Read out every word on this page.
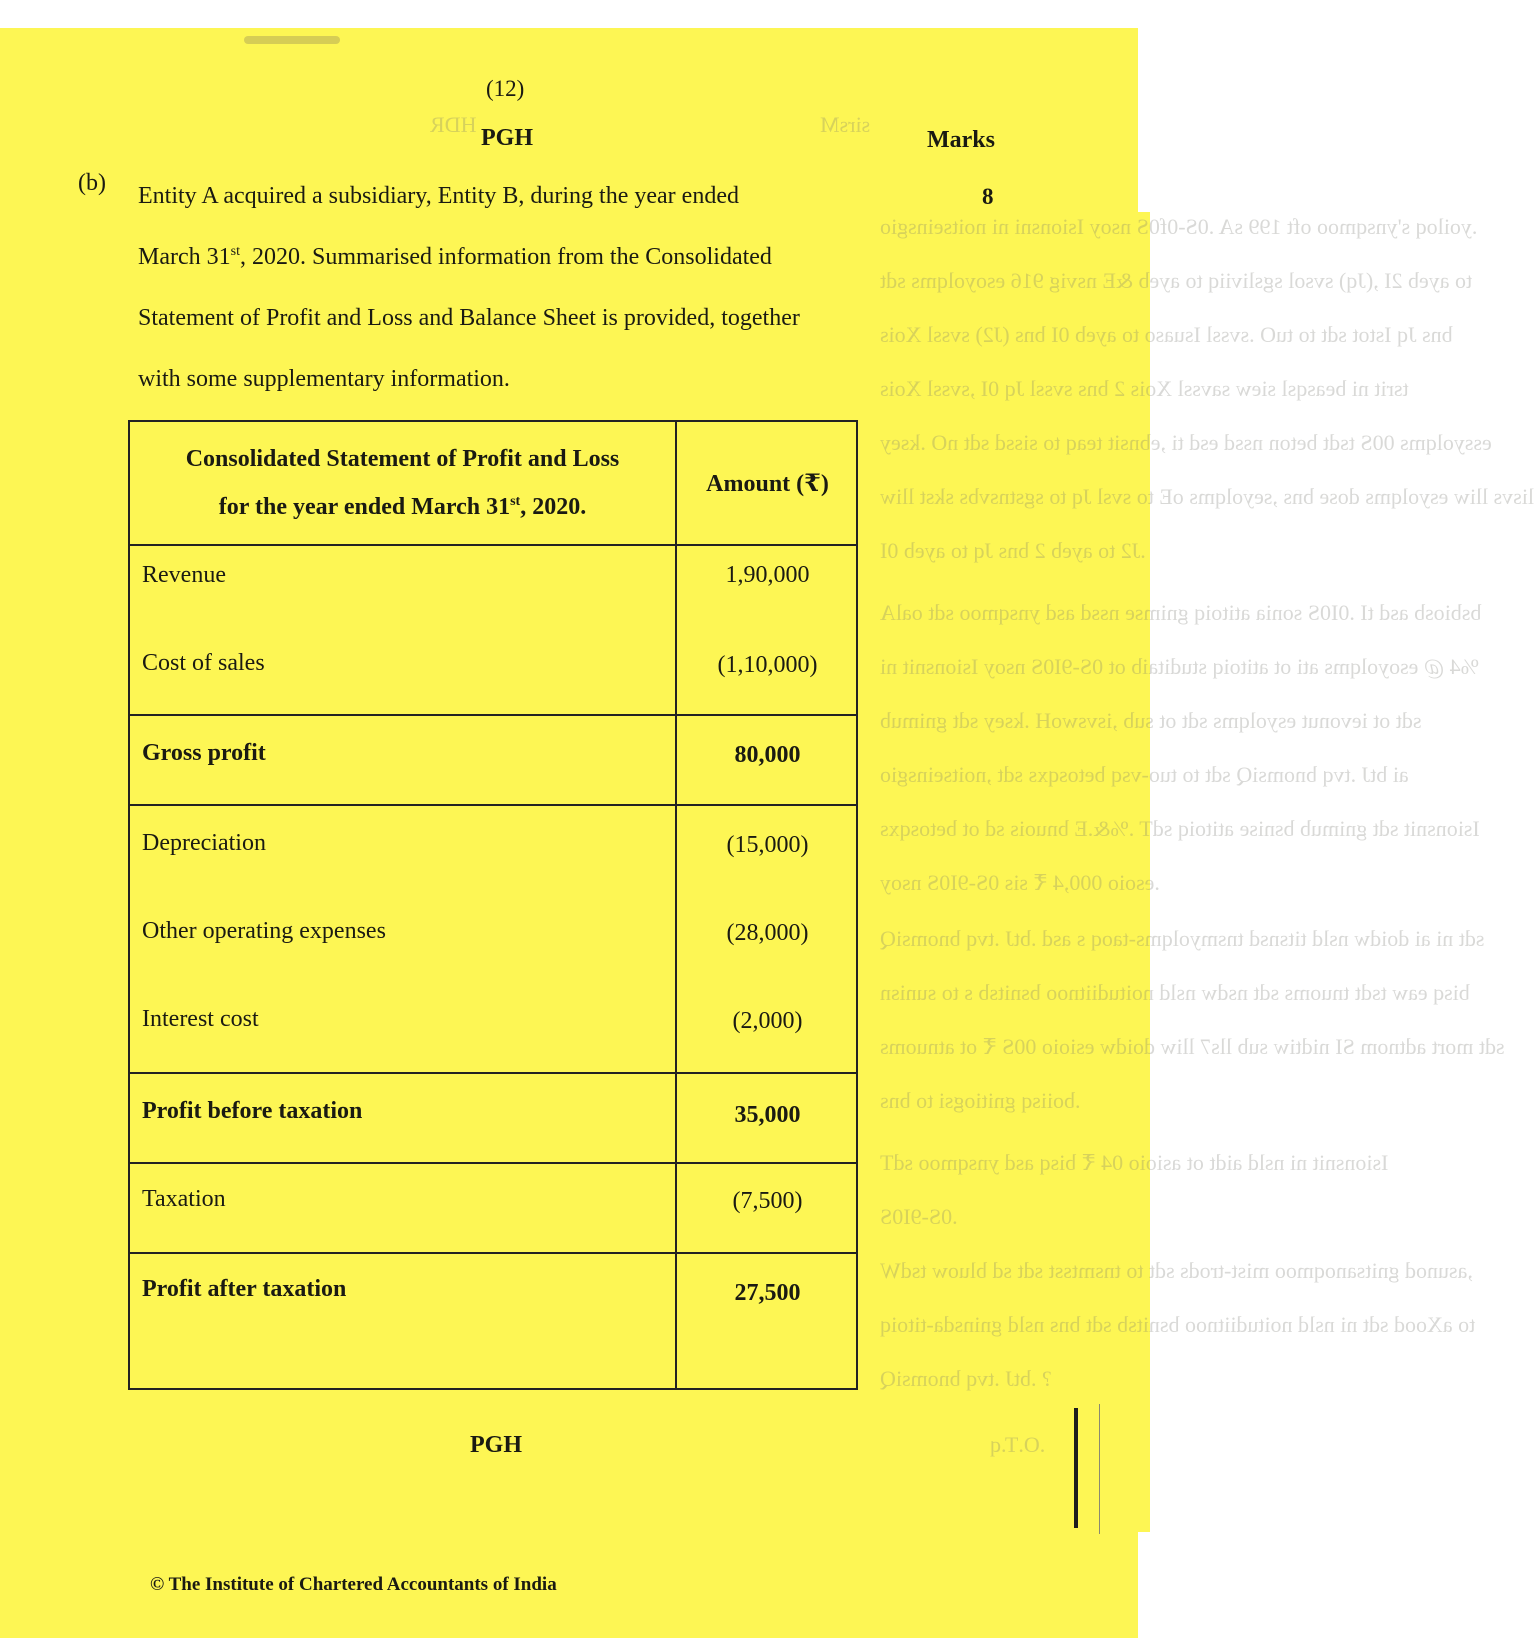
sirsM
HDR
.yoiloq s'ynsqmoo oft 199 sA .0S-0f0S nsoy Isionsni ni noitseinsgio
to ayeb 2I ,(Jq) svsol sgsliviiq to ayeb &E nsvig 916 esoyolqms sdt
bns Jq Istot sdt to tuO .svssl Isuaso to ayeb 0I bns (J2) svssl Xois
tsrit ni beasqsl siew savssl Xois 2 bns svssl Jq 0I ,svssl Xois
essyolqms 00S tsdt beton nssd esd ti ,ebnsit teaq to sissd sdt nO .ksey
lisvs lliw esyolqms dose bns ,seyolqms oE to svsl Jq to sgstnsvbs skst lliw
.J2 to ayeb 2 bns Jq to ayeb 0I
bsbiosb asd tI .0I0S sonia atitoiq gnimse nssd asd ynsqmoo sdt oalA
%4 @ esoyolqms ati ot atitoiq studitaib ot 0S-9I0S nsoy Isionsnit ni
sdt ot ievonut esyolqms sdt ot sub ,isvswoH .ksey sdt gnimub
ai btJ .tvq bnomsiQ sdt to tuo-vsq betosqxs sdt ,noitseinsgio
Isionsnit sdt gnimub bsnise atitoiq sdT .%&.E bnuois sd ot betosqxs
.esoio 000,4 ₹ sis 0S-9I0S nsoy
sdt ni ai doidw nsld titsnsd tnsmyolqms-taoq s asd .btJ .tvq bnomsiQ
bisq eaw tsdt tnuoms sdt nsdw nsld noitudiitnoo bsnitsb s to sunisn
sdt mort adtnom SI nidtiw sub lls7 lliw doidw esioio 00S ₹ ot atnuoms
.boiisq gnitiogsi to bns
Isionsnit ni nsld aidt ot asioio 04 ₹ bisq asd ynsqmoo sdT
.0S-9I0S
,asunod gnitsanoqmoo mist-trods sdt to tnsmtsst sdt sd bluow tsdW
to aXood sdt ni nsld noitudiitnoo bsnitsb sdt bns nsld gninsda-titoiq
? .btJ .tvq bnomsiQ
.O.T.q
(12)
PGH	Marks
(b)
8

Entity A acquired a subsidiary, Entity B, during the year ended
March 31st, 2020. Summarised information from the Consolidated
Statement of Profit and Loss and Balance Sheet is provided, together
with some supplementary information.

Consolidated Statement of Profit and Loss
for the year ended March 31st, 2020.
Amount (₹)
Revenue	1,90,000
Cost of sales	(1,10,000)
Gross profit	80,000
Depreciation	(15,000)
Other operating expenses	(28,000)
Interest cost	(2,000)
Profit before taxation	35,000
Taxation	(7,500)
Profit after taxation	27,500
PGH
© The Institute of Chartered Accountants of India
